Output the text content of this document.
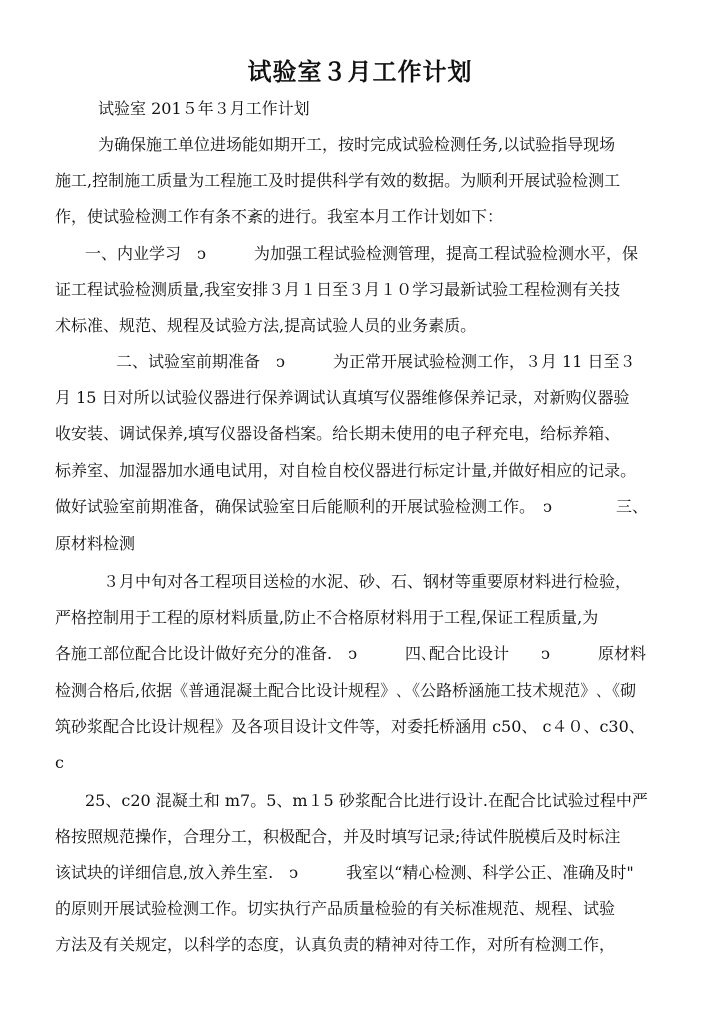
试验室３月工作计划
试验室 201５年３月工作计划
为确保施工单位进场能如期开工，按时完成试验检测任务,以试验指导现场
施工,控制施工质量为工程施工及时提供科学有效的数据。为顺利开展试验检测工
作，使试验检测工作有条不紊的进行。我室本月工作计划如下：
一、内业学习　ↄ　　　为加强工程试验检测管理，提高工程试验检测水平，保
证工程试验检测质量,我室安排３月１日至３月１０学习最新试验工程检测有关技
术标准、规范、规程及试验方法,提高试验人员的业务素质。
二、试验室前期准备　ↄ　　　为正常开展试验检测工作，３月 11 日至３
月 15 日对所以试验仪器进行保养调试认真填写仪器维修保养记录，对新购仪器验
收安装、调试保养,填写仪器设备档案。给长期未使用的电子秤充电，给标养箱、
标养室、加湿器加水通电试用，对自检自校仪器进行标定计量,并做好相应的记录。
做好试验室前期准备，确保试验室日后能顺利的开展试验检测工作。　ↄ　　　　三、
原材料检测
３月中旬对各工程项目送检的水泥、砂、石、钢材等重要原材料进行检验，
严格控制用于工程的原材料质量,防止不合格原材料用于工程,保证工程质量,为
各施工部位配合比设计做好充分的准备.　ↄ　　　四､配合比设计　　ↄ　　　原材料
检测合格后,依据《普通混凝土配合比设计规程》､《公路桥涵施工技术规范》､《砌
筑砂浆配合比设计规程》及各项目设计文件等，对委托桥涵用 c50、 c４０、c30、
c
25、c20 混凝土和 m7。5、m１5 砂浆配合比进行设计.在配合比试验过程中严
格按照规范操作，合理分工，积极配合，并及时填写记录;待试件脱模后及时标注
该试块的详细信息,放入养生室.　ↄ　　　我室以“精心检测、科学公正、准确及时"
的原则开展试验检测工作。切实执行产品质量检验的有关标准规范、规程、试验
方法及有关规定，以科学的态度，认真负责的精神对待工作，对所有检测工作，
